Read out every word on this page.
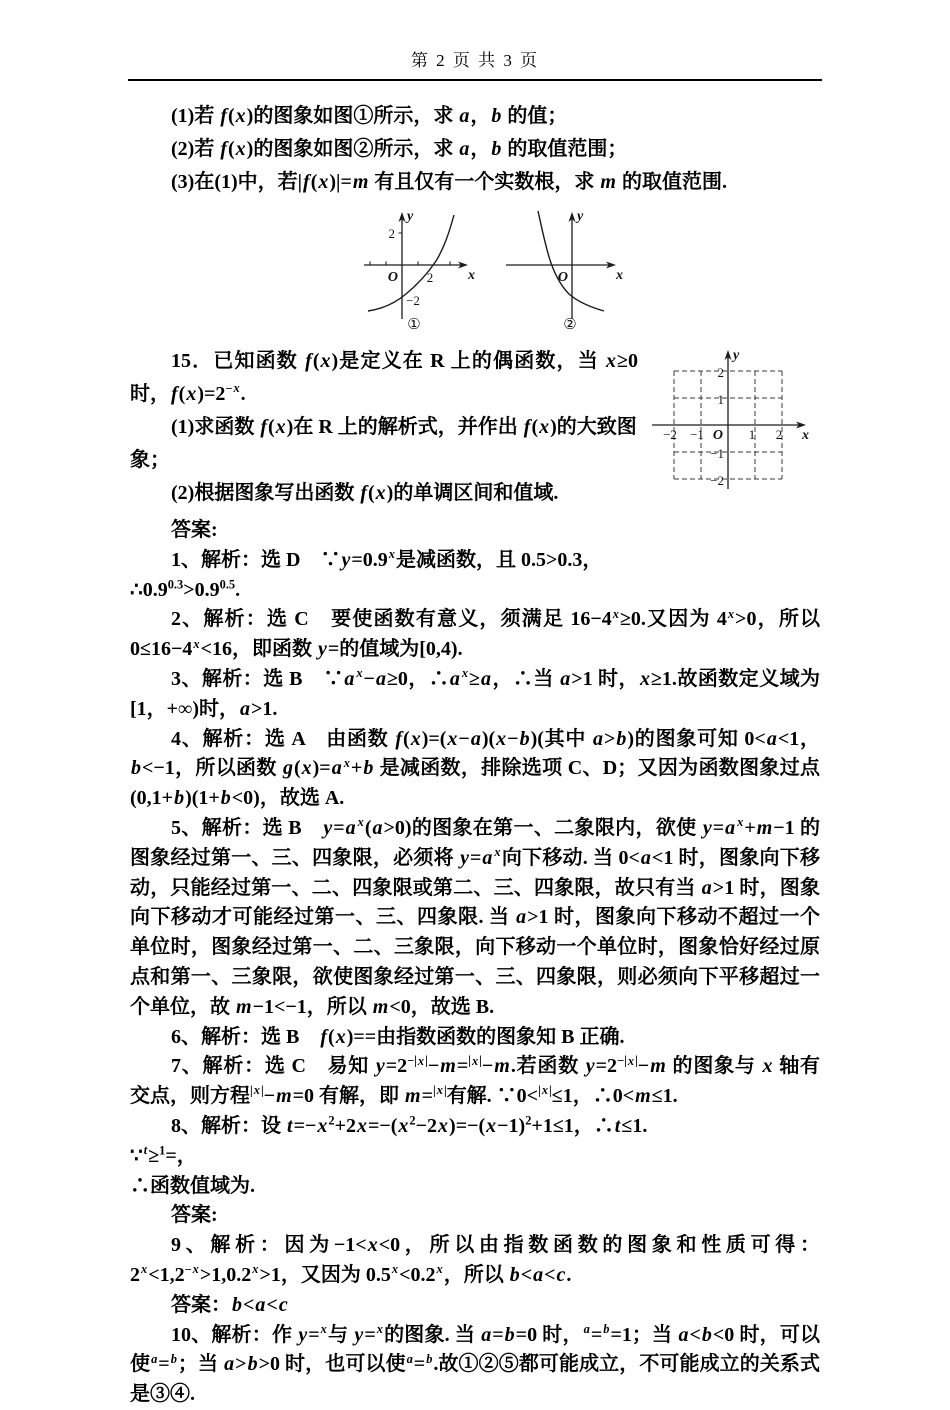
第 2 页 共 3 页
(1)若 f(x)的图象如图①所示，求 a，b 的值；
(2)若 f(x)的图象如图②所示，求 a，b 的取值范围；
(3)在(1)中，若|f(x)|=m 有且仅有一个实数根，求 m 的取值范围.
2
O 2
−2
x
y
①
O	x
y
②
2
1
−1
−2
−2 −1 O 1 2 x
y
15．已知函数 f(x)是定义在 R 上的偶函数，当 x≥0 时，$f(x)=2^{-x}$.
(1)求函数 f(x)在 R 上的解析式，并作出 f(x)的大致图象；
(2)根据图象写出函数 f(x)的单调区间和值域.
答案:
1、解析：选 D　$\because y=0.9^x$是减函数，且 0.5>0.3，
$\therefore 0.9^{0.3}>0.9^{0.5}$.
2、解析：选 C　要使函数有意义，须满足 $16-4^x\ge 0$.又因为 $4^x>0$，所以 $0\le 16-4^x<16$，即函数 y=的值域为[0,4).
3、解析：选 B　∵a $^x$−a≥0，∴a $^x$≥a，∴当 a>1 时，x≥1.故函数定义域为[1，+∞)时，a>1.
4、解析：选 A　由函数 f(x)=(x−a)(x−b)(其中 a>b)的图象可知 0<a<1，b<−1，所以函数 g(x)=a $^x$+b 是减函数，排除选项 C、D；又因为函数图象过点(0,1+b)(1+b<0)，故选 A.
5、解析：选 B　y=a $^x$(a>0)的图象在第一、二象限内，欲使 y=a $^x$+m−1 的图象经过第一、三、四象限，必须将 y=a $^x$向下移动. 当 0<a<1 时，图象向下移动，只能经过第一、二、四象限或第二、三、四象限，故只有当 a>1 时，图象向下移动才可能经过第一、三、四象限. 当 a>1 时，图象向下移动不超过一个单位时，图象经过第一、二、三象限，向下移动一个单位时，图象恰好经过原点和第一、三象限，欲使图象经过第一、三、四象限，则必须向下平移超过一个单位，故 m−1<−1，所以 m<0，故选 B.
6、解析：选 B　f(x)==由指数函数的图象知 B 正确.
7、解析：选 C　易知 $y=2^{-|x|}-m=^{|x|}-m$.若函数 $y=2^{-|x|}-m$ 的图象与 x 轴有交点，则方程$^{|x|}$−m=0 有解，即 m=$^{|x|}$有解. ∵0<$^{|x|}$≤1，∴0<m≤1.
8、解析：设 $t=-x^2+2x=-(x^2-2x)=-(x-1)^2+1\le 1$，∴t≤1.
∵$^t$≥$^1$=，
∴函数值域为.
答案:
9、解析：因为−1<x<0，所以由指数函数的图象和性质可得：$2^x<1,2^{-x}>1,0.2^x>1$，又因为 $0.5^x<0.2^x$，所以 b<a<c.
答案：b<a<c
10、解析：作 y=$^x$与 y=$^x$的图象. 当 a=b=0 时，$^a$=$^b$=1；当 a<b<0 时，可以使$^a$=$^b$；当 a>b>0 时，也可以使$^a$=$^b$.故①②⑤都可能成立，不可能成立的关系式是③④.
